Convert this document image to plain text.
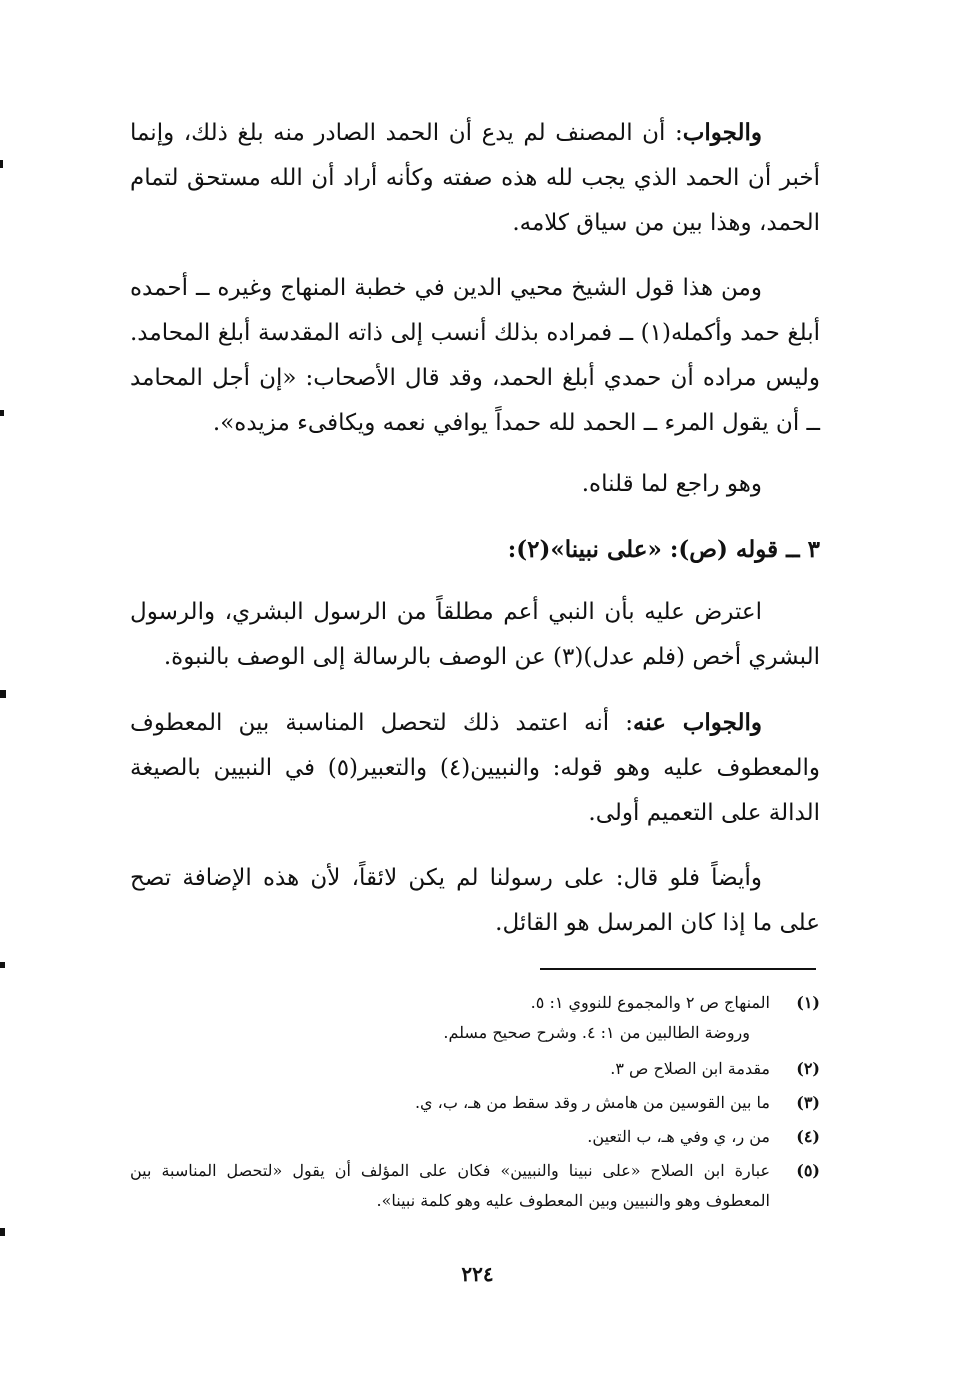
والجواب: أن المصنف لم يدع أن الحمد الصادر منه بلغ ذلك، وإنما أخبر أن الحمد الذي يجب لله هذه صفته وكأنه أراد أن الله مستحق لتمام الحمد، وهذا بين من سياق كلامه.

ومن هذا قول الشيخ محيي الدين في خطبة المنهاج وغيره ــ أحمده أبلغ حمد وأكمله(١) ــ فمراده بذلك أنسب إلى ذاته المقدسة أبلغ المحامد. وليس مراده أن حمدي أبلغ الحمد، وقد قال الأصحاب: «إن أجل المحامد ــ أن يقول المرء ــ الحمد لله حمداً يوافي نعمه ويكافىء مزيده».

وهو راجع لما قلناه.

٣ ــ قوله (ص): «على نبينا»(٢):

اعترض عليه بأن النبي أعم مطلقاً من الرسول البشري، والرسول البشري أخص (فلم عدل)(٣) عن الوصف بالرسالة إلى الوصف بالنبوة.

والجواب عنه: أنه اعتمد ذلك لتحصل المناسبة بين المعطوف والمعطوف عليه وهو قوله: والنبيين(٤) والتعبير(٥) في النبيين بالصيغة الدالة على التعميم أولى.

وأيضاً فلو قال: على رسولنا لم يكن لائقاً، لأن هذه الإضافة تصح على ما إذا كان المرسل هو القائل.

(١)
المنهاج ص ٢ والمجموع للنووي ١: ٥.
وروضة الطالبين من ١: ٤. وشرح صحيح مسلم.
(٢)
مقدمة ابن الصلاح ص ٣.
(٣)
ما بين القوسين من هامش ر وقد سقط من هـ، ب، ي.
(٤)
من ر، ي وفي هـ، ب التعين.
(٥)
عبارة ابن الصلاح «على نبينا والنبيين» فكان على المؤلف أن يقول «لتحصل المناسبة بين المعطوف وهو والنبيين وبين المعطوف عليه وهو كلمة نبينا».
٢٢٤
